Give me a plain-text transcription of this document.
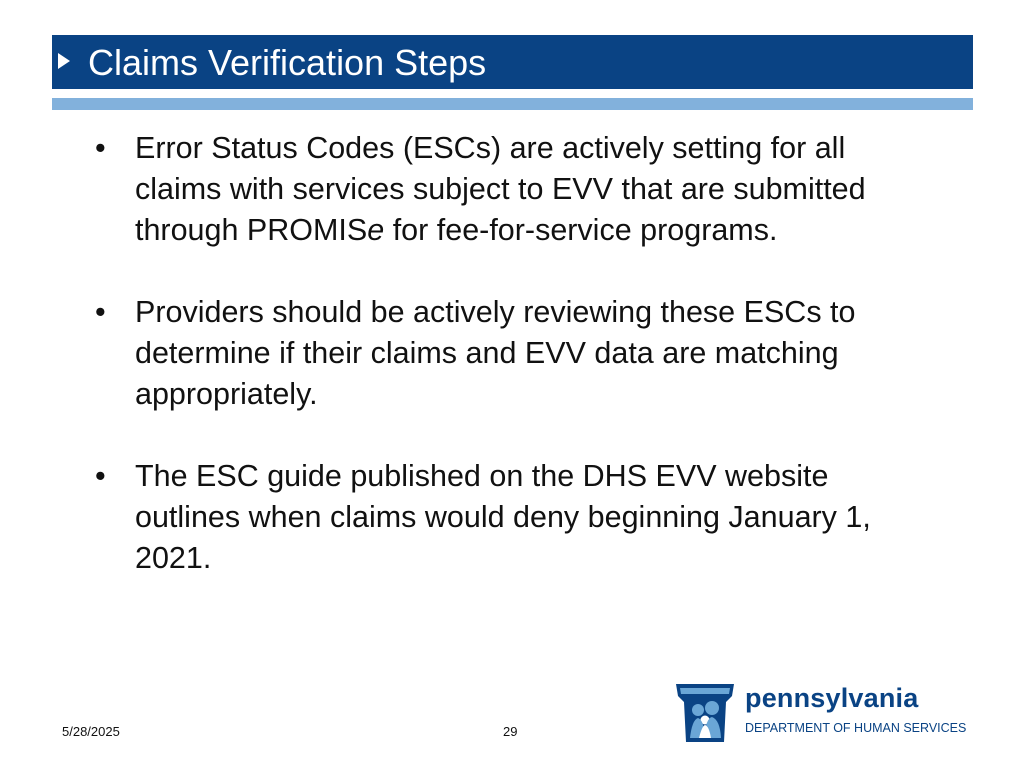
Claims Verification Steps
• Error Status Codes (ESCs) are actively setting for all claims with services subject to EVV that are submitted through PROMISe for fee-for-service programs.
• Providers should be actively reviewing these ESCs to determine if their claims and EVV data are matching appropriately.
• The ESC guide published on the DHS EVV website outlines when claims would deny beginning January 1, 2021.
5/28/2025	29
pennsylvania
DEPARTMENT OF HUMAN SERVICES
